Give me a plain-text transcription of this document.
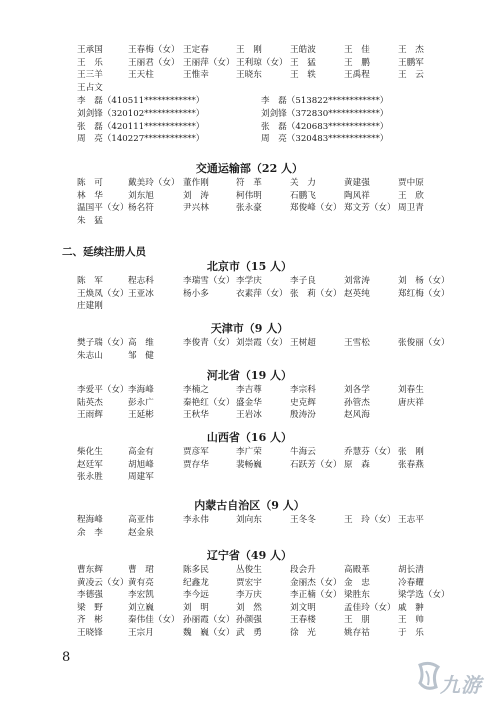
王承国	王春梅（女） 王定春	王　刚	王皓波	王　佳	王　杰
王　乐	王丽君（女） 王丽萍（女） 王利琼（女） 王　猛	王　鹏	王鹏军
王三羊	王天柱	王惟幸	王晓东	王　轶	王禹程	王　云
王占文
李　磊（410511************）	李　磊（513822************）
刘剑锋（320102************）	刘剑锋（372830************）
张　磊（420111************）	张　磊（420683************）
周　亮（140227************）	周　亮（320483************）
交通运输部（22 人）
陈　可	戴美玲（女） 董作刚	符　革	关　力	黄建强	贾中原
林　华	刘东旭	刘　涛	柯伟明	石鹏飞	陶风祥	王　欣
温国平（女） 杨名符	尹兴林	张永豪	郑俊峰（女） 郑文芳（女） 周卫青
朱　猛
二、延续注册人员
北京市（15 人）
陈　军	程志科	李瑞雪（女） 李学庆	李子良	刘常涛	刘　杨（女）
王焕凤（女） 王亚冰	杨小多	衣素萍（女） 张　莉（女） 赵英纯	郑红梅（女）
庄建刚
天津市（9 人）
樊子瑞（女） 高　维	李俊青（女） 刘崇霞（女） 王树超	王雪松	张俊丽（女）
朱志山	邹　健
河北省（19 人）
李爱平（女） 李海峰	李楠之	李吉尊	李宗科	刘各学	刘春生
陆英杰	彭永广	秦艳红（女） 盛金华	史克辉	孙管杰	唐庆祥
王雨辉	王延彬	王秋华	王岩冰	殷涛汾	赵风海
山西省（16 人）
柴化生	高金有	贾彦军	李广荣	牛海云	乔慧芬（女） 张　刚
赵廷军	胡旭峰	贾存华	裴畅巍	石跃芳（女） 原　森	张春燕
张永胜	周建军
内蒙古自治区（9 人）
程海峰	高亚伟	李永伟	刘向东	王冬冬	王　玲（女） 王志平
余　李	赵金泉
辽宁省（49 人）
曹东辉	曹　珺	陈多民	丛俊生	段会升	高殿革	胡长清
黄凌云（女） 黄有亮	纪鑫龙	贾宏宇	金丽杰（女） 金　忠	冷春耀
李德强	李宏凯	李今远	李万庆	李正楠（女） 梁胜东	梁学选（女）
梁　野	刘立巍	刘　明	刘　然	刘文明	孟佳玲（女） 戚　翀
齐　彬	秦伟佳（女） 孙丽霞（女） 孙颜强	王春楼	王　朋	王　帅
王晓锋	王宗月	魏　巍（女） 武　勇	徐　光	姚存祜	于　乐
8
九游
